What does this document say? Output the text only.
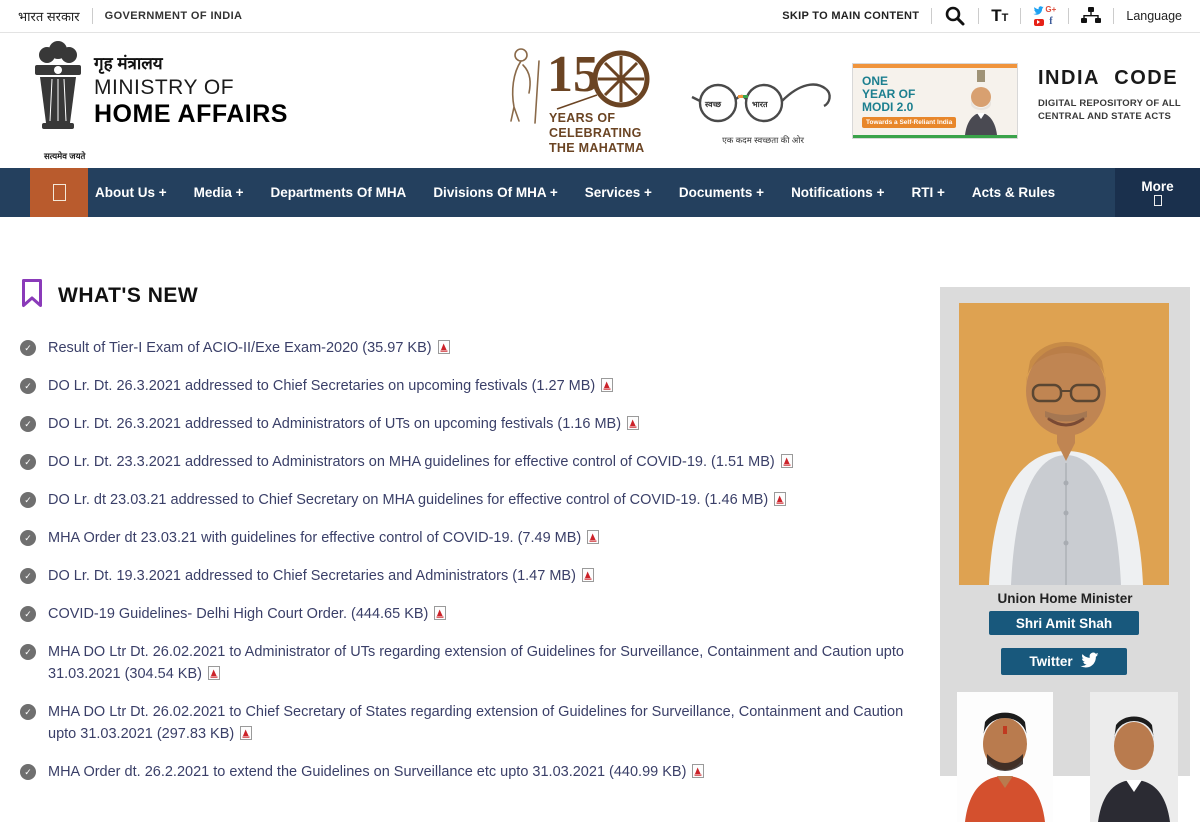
भारत सरकार GOVERNMENT OF INDIA	SKIP TO MAIN CONTENT	T T
G+
f	Language
सत्यमेव जयते
गृह मंत्रालय
MINISTRY OF
HOME AFFAIRS
15
YEARS OF
CELEBRATING
THE MAHATMA
स्वच्छ	भारत
एक कदम स्वच्छता की ओर
ONE
YEAR OF
MODI 2.0
Towards a Self-Reliant India
INDIA CODE
DIGITAL REPOSITORY OF ALL
CENTRAL AND STATE ACTS
About Us + Media + Departments Of MHA Divisions Of MHA + Services + Documents + Notifications + RTI + Acts & Rules	More
WHAT'S NEW
✓ Result of Tier-I Exam of ACIO-II/Exe Exam-2020 (35.97 KB)
✓ DO Lr. Dt. 26.3.2021 addressed to Chief Secretaries on upcoming festivals (1.27 MB)
✓ DO Lr. Dt. 26.3.2021 addressed to Administrators of UTs on upcoming festivals (1.16 MB)
✓ DO Lr. Dt. 23.3.2021 addressed to Administrators on MHA guidelines for effective control of COVID-19. (1.51 MB)
✓ DO Lr. dt 23.03.21 addressed to Chief Secretary on MHA guidelines for effective control of COVID-19. (1.46 MB)
✓ MHA Order dt 23.03.21 with guidelines for effective control of COVID-19. (7.49 MB)
✓ DO Lr. Dt. 19.3.2021 addressed to Chief Secretaries and Administrators (1.47 MB)
✓ COVID-19 Guidelines- Delhi High Court Order. (444.65 KB)
✓ MHA DO Ltr Dt. 26.02.2021 to Administrator of UTs regarding extension of Guidelines for Surveillance, Containment and Caution upto 31.03.2021 (304.54 KB)
✓ MHA DO Ltr Dt. 26.02.2021 to Chief Secretary of States regarding extension of Guidelines for Surveillance, Containment and Caution upto 31.03.2021 (297.83 KB)
✓ MHA Order dt. 26.2.2021 to extend the Guidelines on Surveillance etc upto 31.03.2021 (440.99 KB)
Union Home Minister
Shri Amit Shah
Twitter
